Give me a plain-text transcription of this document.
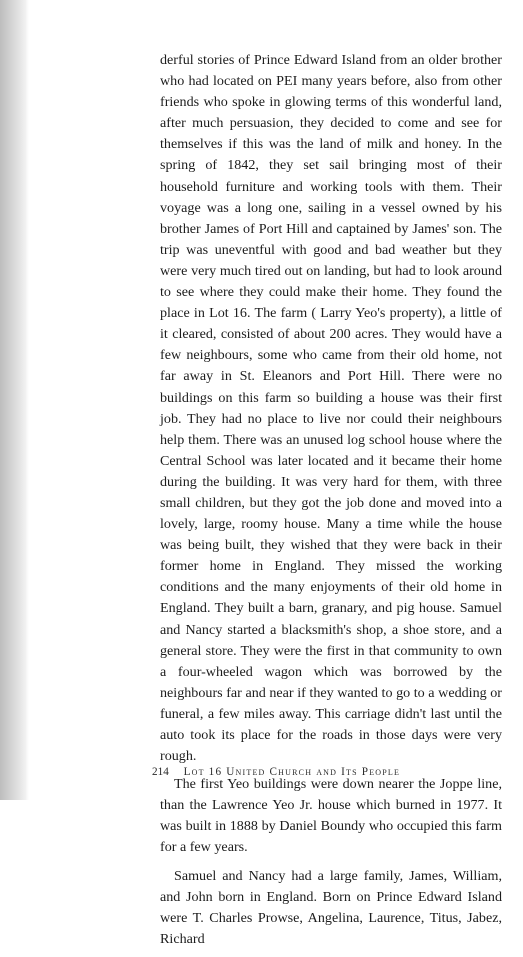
derful stories of Prince Edward Island from an older brother who had located on PEI many years before, also from other friends who spoke in glowing terms of this wonderful land, after much persuasion, they decided to come and see for themselves if this was the land of milk and honey. In the spring of 1842, they set sail bringing most of their household furniture and working tools with them. Their voyage was a long one, sailing in a vessel owned by his brother James of Port Hill and captained by James' son. The trip was uneventful with good and bad weather but they were very much tired out on landing, but had to look around to see where they could make their home. They found the place in Lot 16. The farm ( Larry Yeo's property), a little of it cleared, consisted of about 200 acres. They would have a few neighbours, some who came from their old home, not far away in St. Eleanors and Port Hill. There were no buildings on this farm so building a house was their first job. They had no place to live nor could their neighbours help them. There was an unused log school house where the Central School was later located and it became their home during the building. It was very hard for them, with three small children, but they got the job done and moved into a lovely, large, roomy house. Many a time while the house was being built, they wished that they were back in their former home in England. They missed the working conditions and the many enjoyments of their old home in England. They built a barn, granary, and pig house. Samuel and Nancy started a blacksmith's shop, a shoe store, and a general store. They were the first in that community to own a four-wheeled wagon which was borrowed by the neighbours far and near if they wanted to go to a wedding or funeral, a few miles away. This carriage didn't last until the auto took its place for the roads in those days were very rough.

The first Yeo buildings were down nearer the Joppe line, than the Lawrence Yeo Jr. house which burned in 1977. It was built in 1888 by Daniel Boundy who occupied this farm for a few years.

Samuel and Nancy had a large family, James, William, and John born in England. Born on Prince Edward Island were T. Charles Prowse, Angelina, Laurence, Titus, Jabez, Richard

214 Lot 16 United Church and Its People
